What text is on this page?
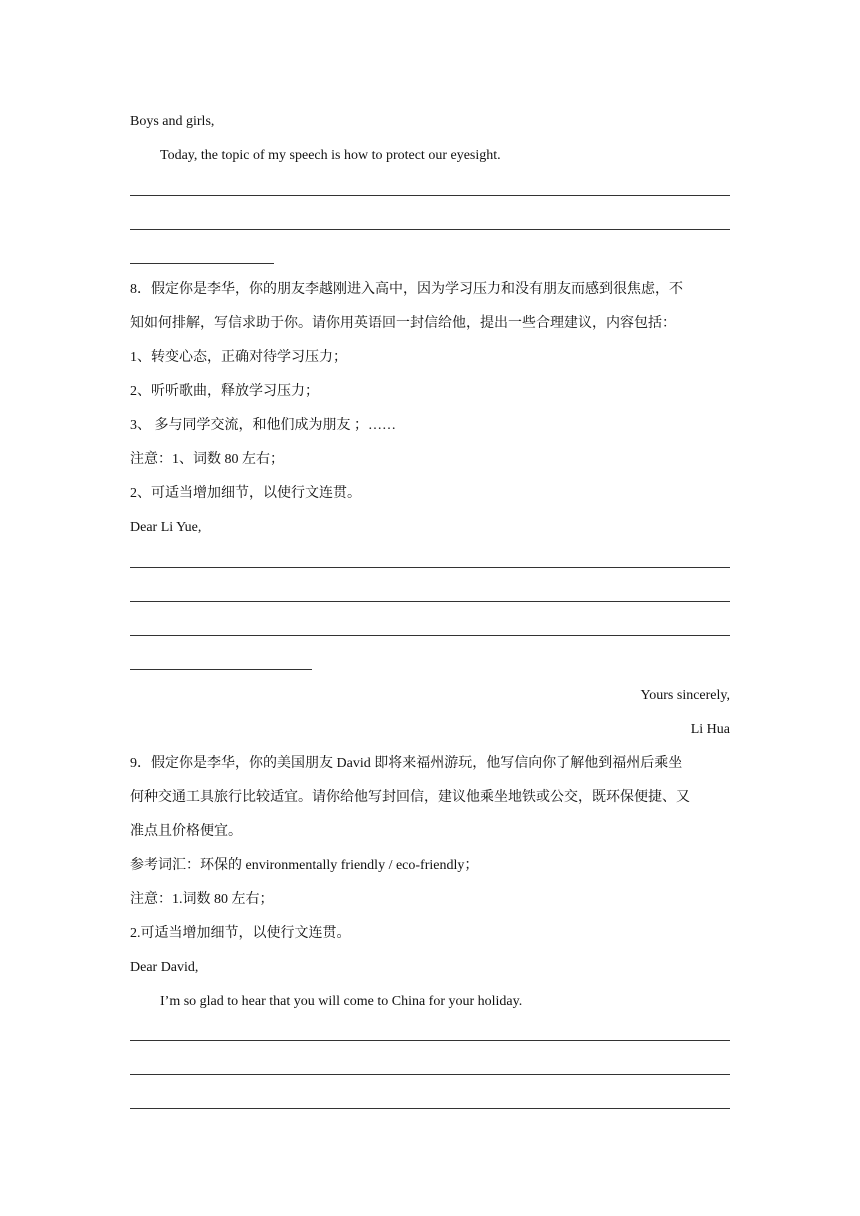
Boys and girls,
Today, the topic of my speech is how to protect our eyesight.
8．假定你是李华，你的朋友李越刚进入高中，因为学习压力和没有朋友而感到很焦虑，不
知如何排解，写信求助于你。请你用英语回一封信给他，提出一些合理建议，内容包括：
1、转变心态，正确对待学习压力；
2、听听歌曲，释放学习压力；
3、 多与同学交流，和他们成为朋友 ；……
注意：1、词数 80 左右；
2、可适当增加细节，以使行文连贯。
Dear Li Yue,
Yours sincerely,
Li Hua
9．假定你是李华，你的美国朋友 David 即将来福州游玩，他写信向你了解他到福州后乘坐
何种交通工具旅行比较适宜。请你给他写封回信，建议他乘坐地铁或公交，既环保便捷、又
准点且价格便宜。
参考词汇：环保的 environmentally friendly / eco-friendly；
注意：1.词数 80 左右；
2.可适当增加细节，以使行文连贯。
Dear David,
I’m so glad to hear that you will come to China for your holiday.
